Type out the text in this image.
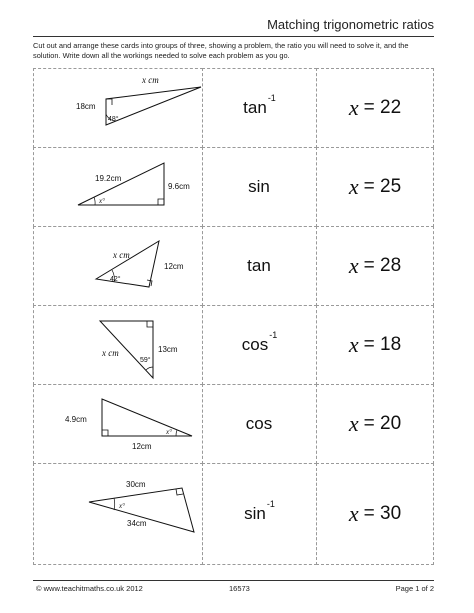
Matching trigonometric ratios
Cut out and arrange these cards into groups of three, showing a problem, the ratio you will need to solve it, and the solution. Write down all the workings needed to solve each problem as you go.
x cm
18cm
48°
$\tan^{-1}$	x = 22
19.2cm
9.6cm
x°
sin	x = 25
x cm
12cm
42°
tan	x = 28
x cm	13cm
59°
$\cos^{-1}$	x = 18
4.9cm
12cm
x°	cos	x = 20
30cm
34cm
x°	$\sin^{-1}$	x = 30
© www.teachitmaths.co.uk 2012	16573	Page 1 of 2
